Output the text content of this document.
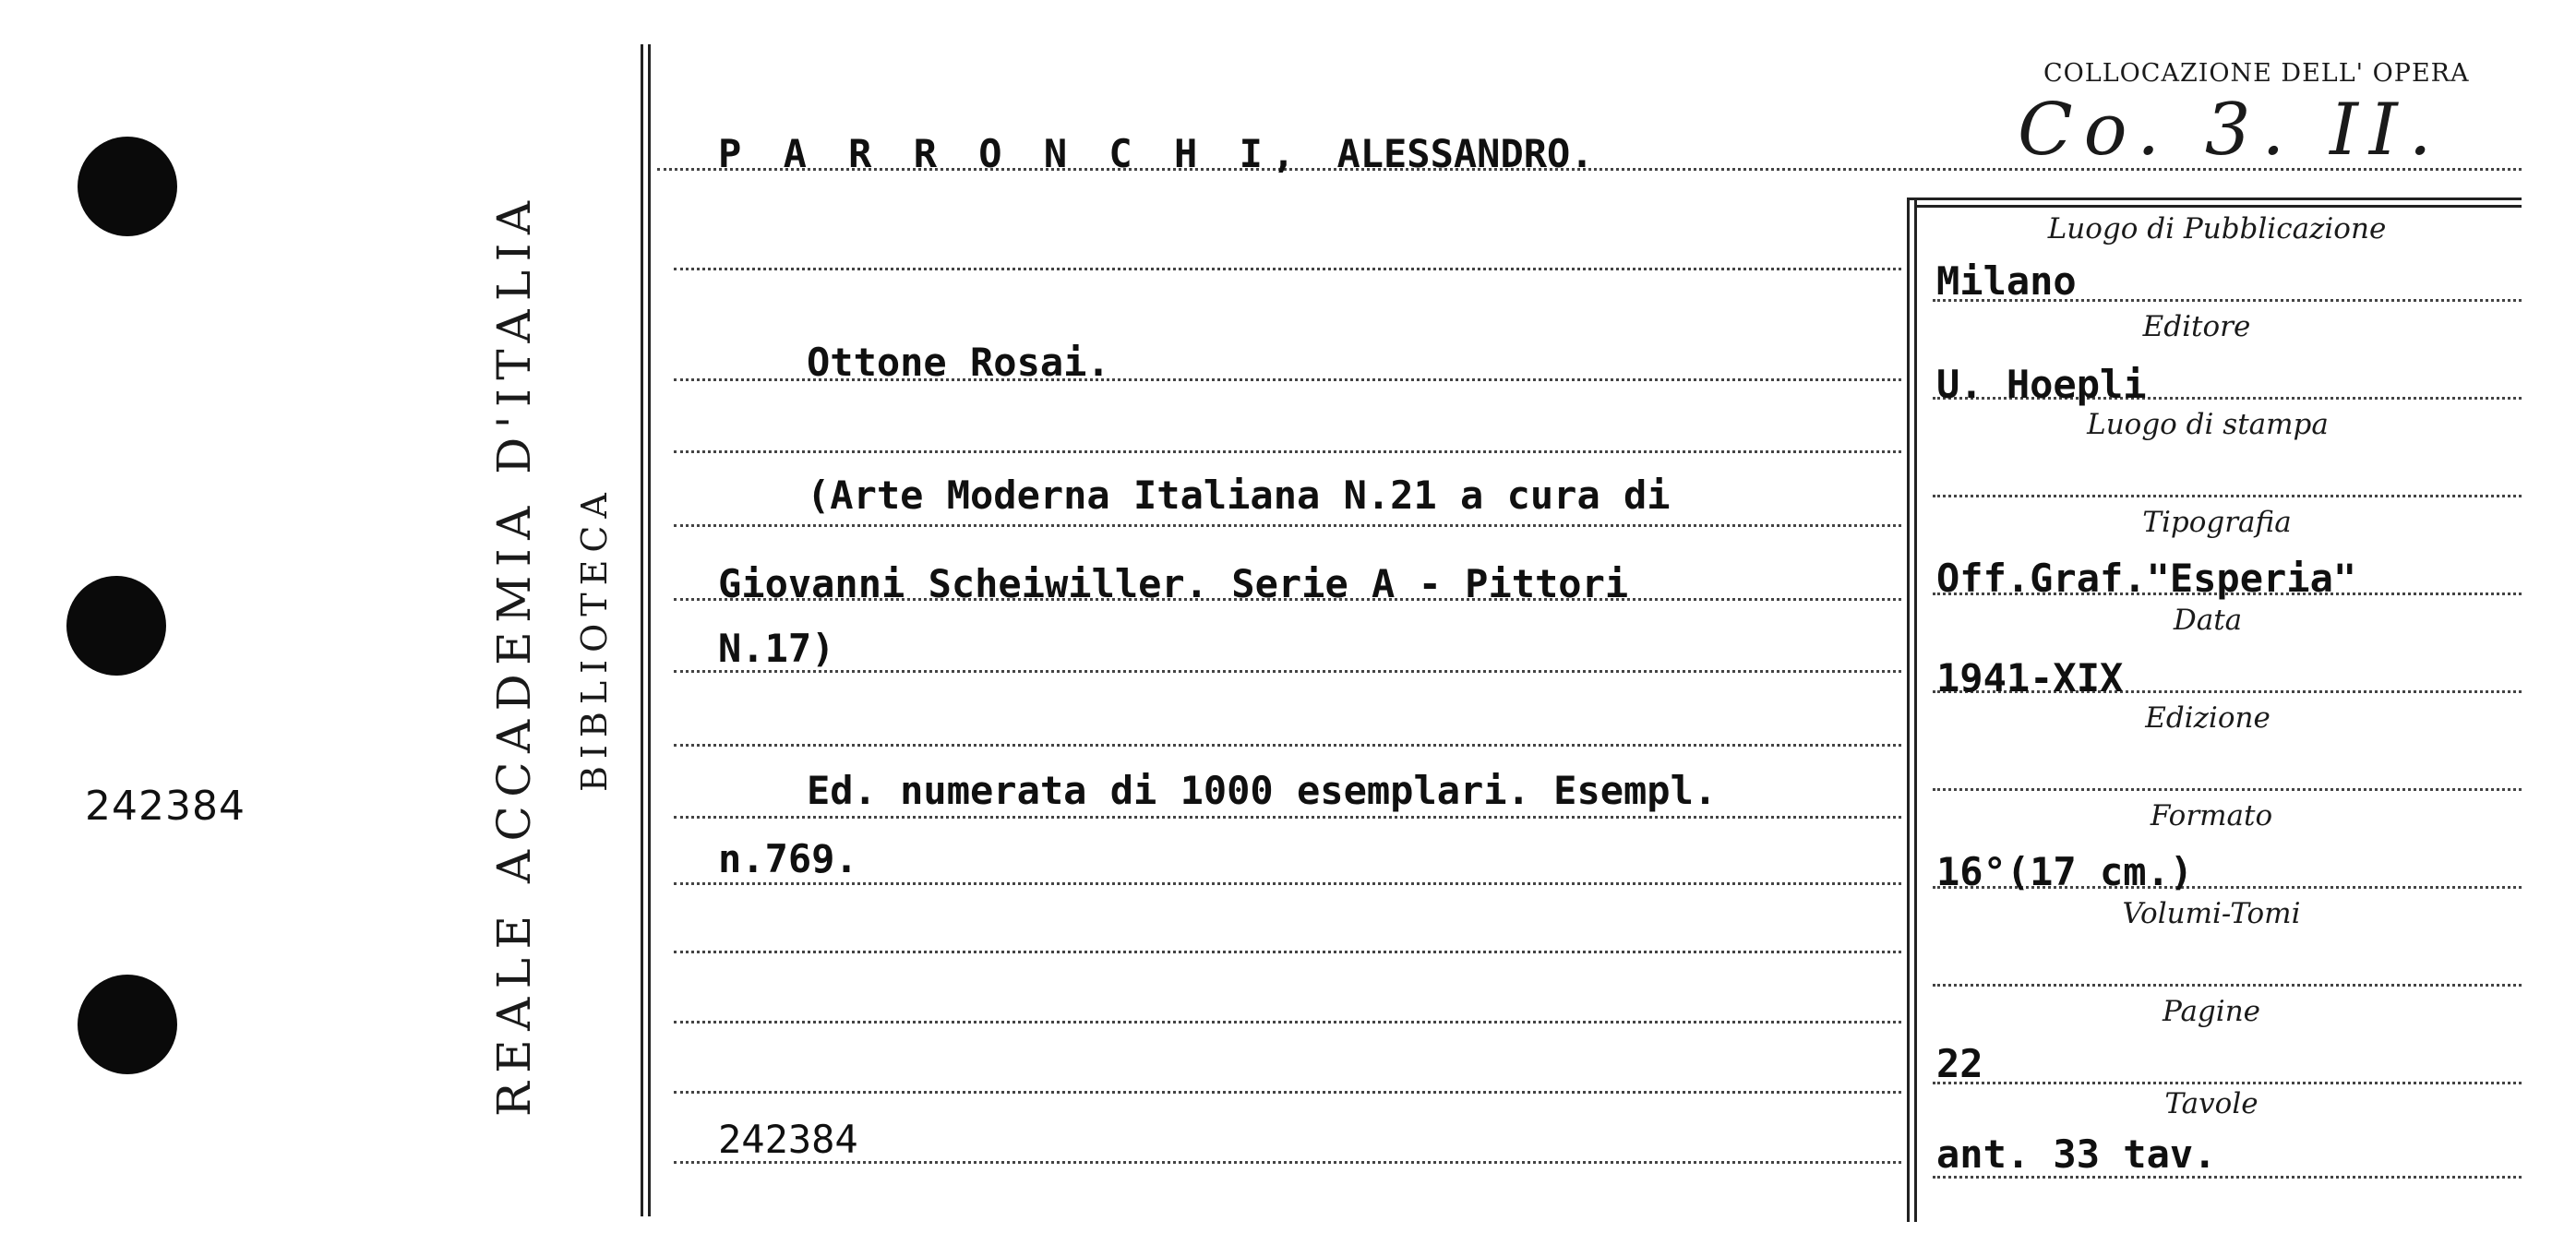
242384	REALE ACCADEMIA D'ITALIA BIBLIOTECA
COLLOCAZIONE DELL' OPERA
Co. 3. II.
P A R R O N C H I, ALESSANDRO.
Ottone Rosai.
(Arte Moderna Italiana N.21 a cura di
Giovanni Scheiwiller. Serie A - Pittori
N.17)
Ed. numerata di 1000 esemplari. Esempl.
n.769.
242384
Luogo di Pubblicazione
Editore
Luogo di stampa
Tipografia
Data
Edizione
Formato
Volumi-Tomi
Pagine
Tavole
Milano
U. Hoepli
Off.Graf."Esperia"
1941-XIX
16°(17 cm.)
22
ant. 33 tav.
